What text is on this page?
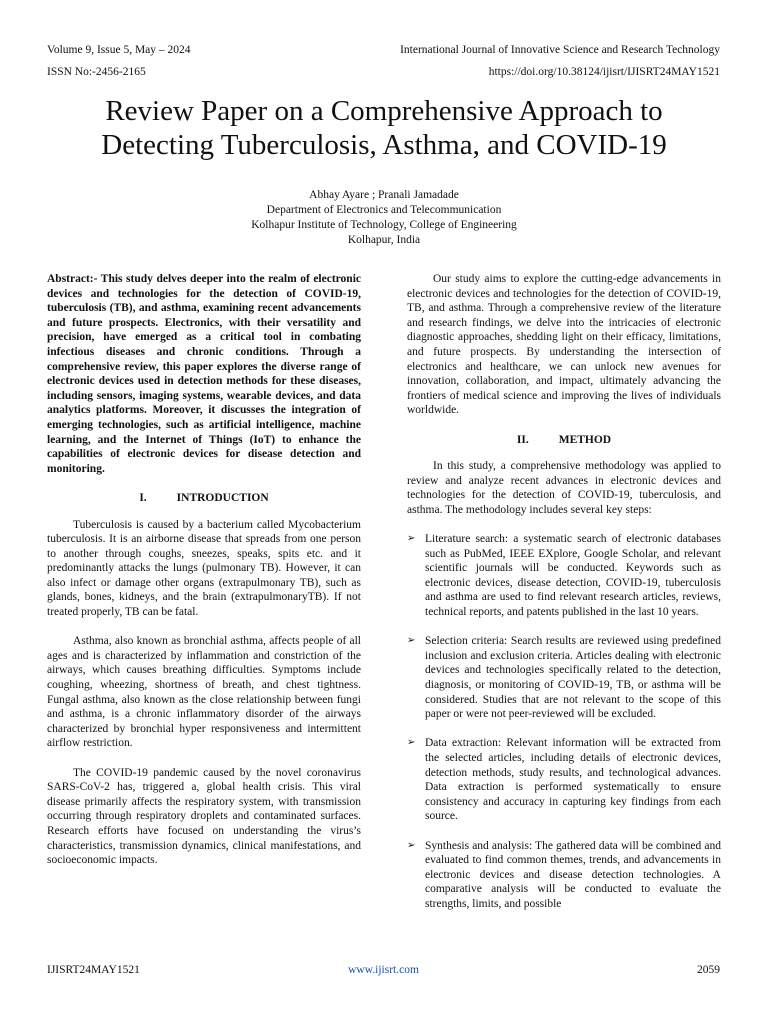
Volume 9, Issue 5, May – 2024	International Journal of Innovative Science and Research Technology
ISSN No:-2456-2165	https://doi.org/10.38124/ijisrt/IJISRT24MAY1521
Review Paper on a Comprehensive Approach to
Detecting Tuberculosis, Asthma, and COVID-19
Abhay Ayare ; Pranali Jamadade
Department of Electronics and Telecommunication
Kolhapur Institute of Technology, College of Engineering
Kolhapur, India

Abstract:- This study delves deeper into the realm of electronic devices and technologies for the detection of COVID-19, tuberculosis (TB), and asthma, examining recent advancements and future prospects. Electronics, with their versatility and precision, have emerged as a critical tool in combating infectious diseases and chronic conditions. Through a comprehensive review, this paper explores the diverse range of electronic devices used in detection methods for these diseases, including sensors, imaging systems, wearable devices, and data analytics platforms. Moreover, it discusses the integration of emerging technologies, such as artificial intelligence, machine learning, and the Internet of Things (IoT) to enhance the capabilities of electronic devices for disease detection and monitoring.

I.	INTRODUCTION

Tuberculosis is caused by a bacterium called Mycobacterium tuberculosis. It is an airborne disease that spreads from one person to another through coughs, sneezes, speaks, spits etc. and it predominantly attacks the lungs (pulmonary TB). However, it can also infect or damage other organs (extrapulmonary TB), such as glands, bones, kidneys, and the brain (extrapulmonaryTB). If not treated properly, TB can be fatal.

Asthma, also known as bronchial asthma, affects people of all ages and is characterized by inflammation and constriction of the airways, which causes breathing difficulties. Symptoms include coughing, wheezing, shortness of breath, and chest tightness. Fungal asthma, also known as the close relationship between fungi and asthma, is a chronic inflammatory disorder of the airways characterized by bronchial hyper responsiveness and intermittent airflow restriction.

The COVID-19 pandemic caused by the novel coronavirus SARS-CoV-2 has, triggered a, global health crisis. This viral disease primarily affects the respiratory system, with transmission occurring through respiratory droplets and contaminated surfaces. Research efforts have focused on understanding the virus’s characteristics, transmission dynamics, clinical manifestations, and socioeconomic impacts.

Our study aims to explore the cutting-edge advancements in electronic devices and technologies for the detection of COVID-19, TB, and asthma. Through a comprehensive review of the literature and research findings, we delve into the intricacies of electronic diagnostic approaches, shedding light on their efficacy, limitations, and future prospects. By understanding the intersection of electronics and healthcare, we can unlock new avenues for innovation, collaboration, and impact, ultimately advancing the frontiers of medical science and improving the lives of individuals worldwide.

II.	METHOD

In this study, a comprehensive methodology was applied to review and analyze recent advances in electronic devices and technologies for the detection of COVID-19, tuberculosis, and asthma. The methodology includes several key steps:

➢ Literature search: a systematic search of electronic databases such as PubMed, IEEE EXplore, Google Scholar, and relevant scientific journals will be conducted. Keywords such as electronic devices, disease detection, COVID-19, tuberculosis and asthma are used to find relevant research articles, reviews, technical reports, and patents published in the last 10 years.
➢ Selection criteria: Search results are reviewed using predefined inclusion and exclusion criteria. Articles dealing with electronic devices and technologies specifically related to the detection, diagnosis, or monitoring of COVID-19, TB, or asthma will be considered. Studies that are not relevant to the scope of this paper or were not peer-reviewed will be excluded.
➢ Data extraction: Relevant information will be extracted from the selected articles, including details of electronic devices, detection methods, study results, and technological advances. Data extraction is performed systematically to ensure consistency and accuracy in capturing key findings from each source.
➢ Synthesis and analysis: The gathered data will be combined and evaluated to find common themes, trends, and advancements in electronic devices and disease detection technologies. A comparative analysis will be conducted to evaluate the strengths, limits, and possible
IJISRT24MAY1521	www.ijisrt.com	2059
